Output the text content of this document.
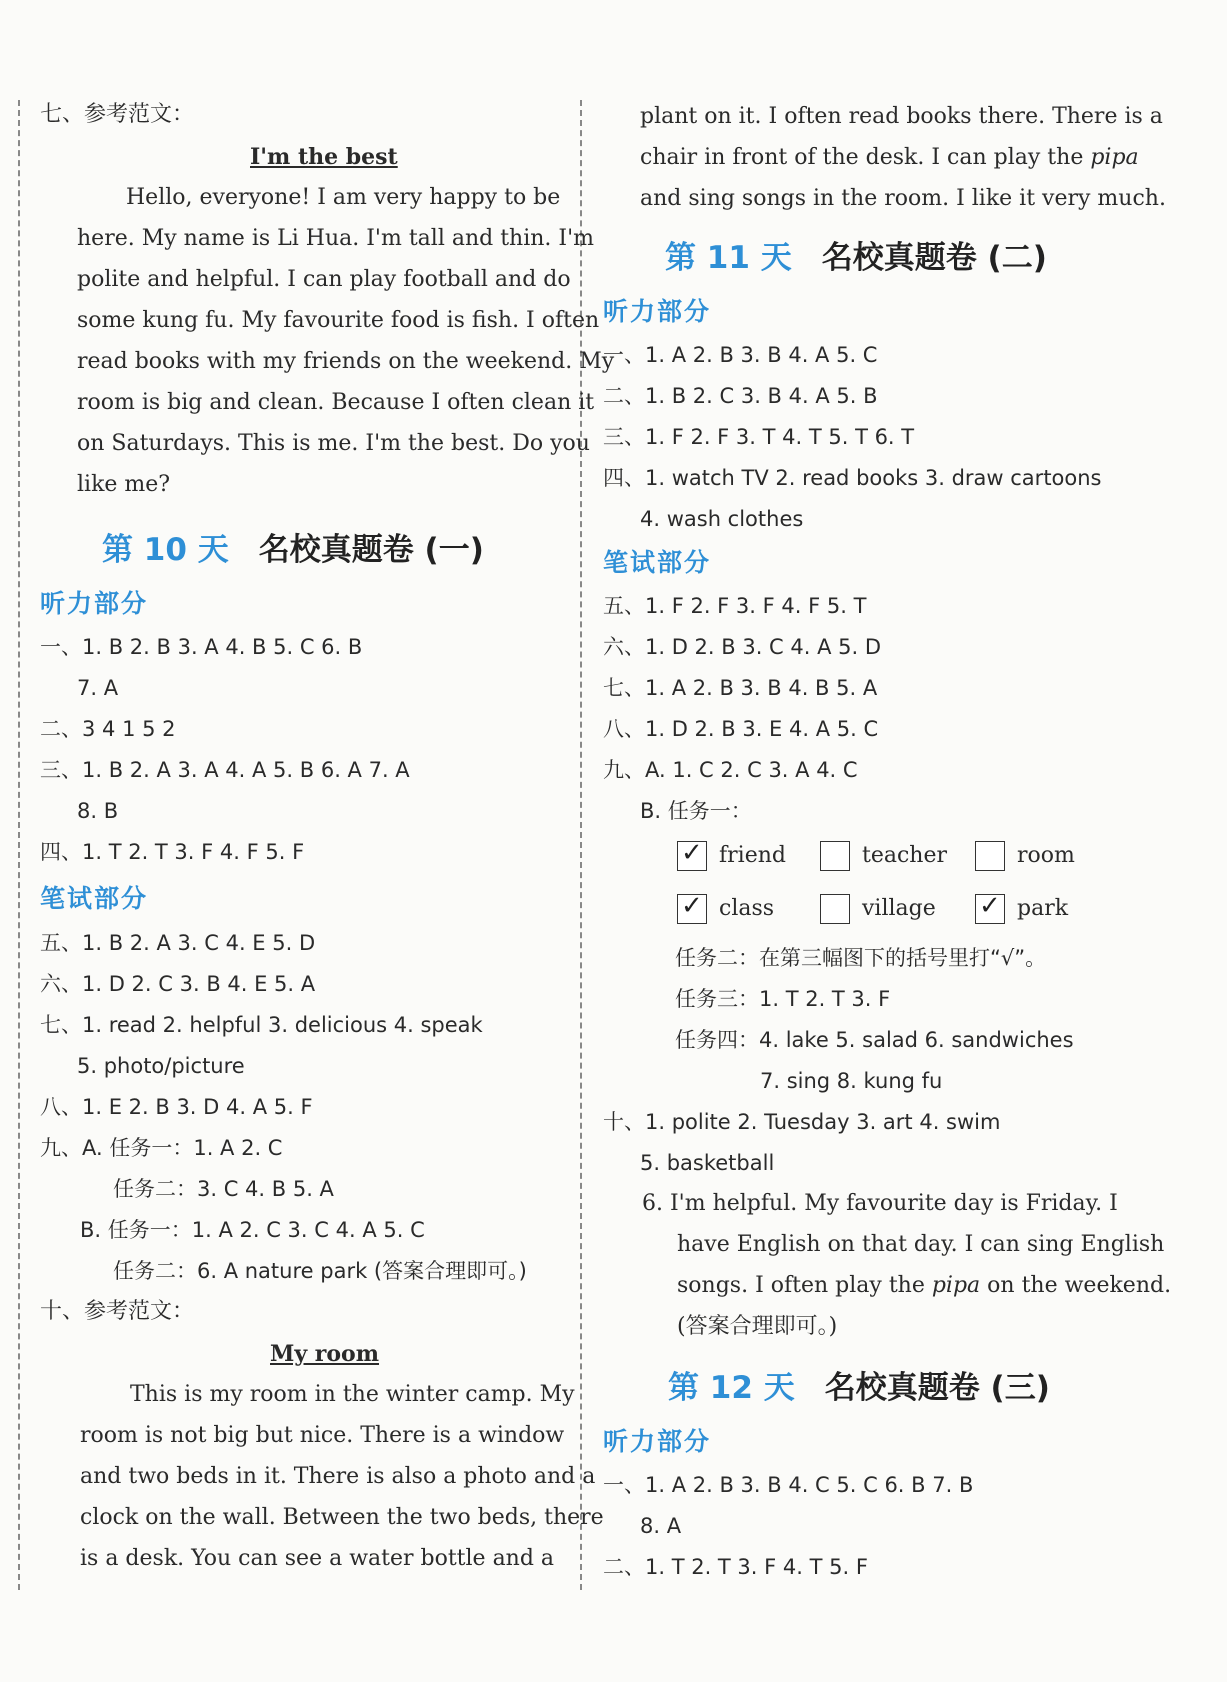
七、参考范文：
I'm the best
Hello, everyone! I am very happy to be
here. My name is Li Hua. I'm tall and thin. I'm
polite and helpful. I can play football and do
some kung fu. My favourite food is fish. I often
read books with my friends on the weekend. My
room is big and clean. Because I often clean it
on Saturdays. This is me. I'm the best. Do you
like me?
第 10 天 名校真题卷 (一)
听力部分
一、1. B 2. B 3. A 4. B 5. C 6. B
7. A
二、3 4 1 5 2
三、1. B 2. A 3. A 4. A 5. B 6. A 7. A
8. B
四、1. T 2. T 3. F 4. F 5. F
笔试部分
五、1. B 2. A 3. C 4. E 5. D
六、1. D 2. C 3. B 4. E 5. A
七、1. read 2. helpful 3. delicious 4. speak
5. photo/picture
八、1. E 2. B 3. D 4. A 5. F
九、A. 任务一：1. A 2. C
任务二：3. C 4. B 5. A
B. 任务一：1. A 2. C 3. C 4. A 5. C
任务二：6. A nature park (答案合理即可。)
十、参考范文：
My room
This is my room in the winter camp. My
room is not big but nice. There is a window
and two beds in it. There is also a photo and a
clock on the wall. Between the two beds, there
is a desk. You can see a water bottle and a
plant on it. I often read books there. There is a
chair in front of the desk. I can play the pipa
and sing songs in the room. I like it very much.
第 11 天 名校真题卷 (二)
听力部分
一、1. A 2. B 3. B 4. A 5. C
二、1. B 2. C 3. B 4. A 5. B
三、1. F 2. F 3. T 4. T 5. T 6. T
四、1. watch TV 2. read books 3. draw cartoons
4. wash clothes
笔试部分
五、1. F 2. F 3. F 4. F 5. T
六、1. D 2. B 3. C 4. A 5. D
七、1. A 2. B 3. B 4. B 5. A
八、1. D 2. B 3. E 4. A 5. C
九、A. 1. C 2. C 3. A 4. C
B. 任务一：
✓friend	teacher	room
✓class	village
✓	park
任务二：在第三幅图下的括号里打“√”。
任务三：1. T 2. T 3. F
任务四：4. lake 5. salad 6. sandwiches
7. sing 8. kung fu
十、1. polite 2. Tuesday 3. art 4. swim
5. basketball
6. I'm helpful. My favourite day is Friday. I
have English on that day. I can sing English
songs. I often play the pipa on the weekend.
(答案合理即可。)
第 12 天 名校真题卷 (三)
听力部分
一、1. A 2. B 3. B 4. C 5. C 6. B 7. B
8. A
二、1. T 2. T 3. F 4. T 5. F
